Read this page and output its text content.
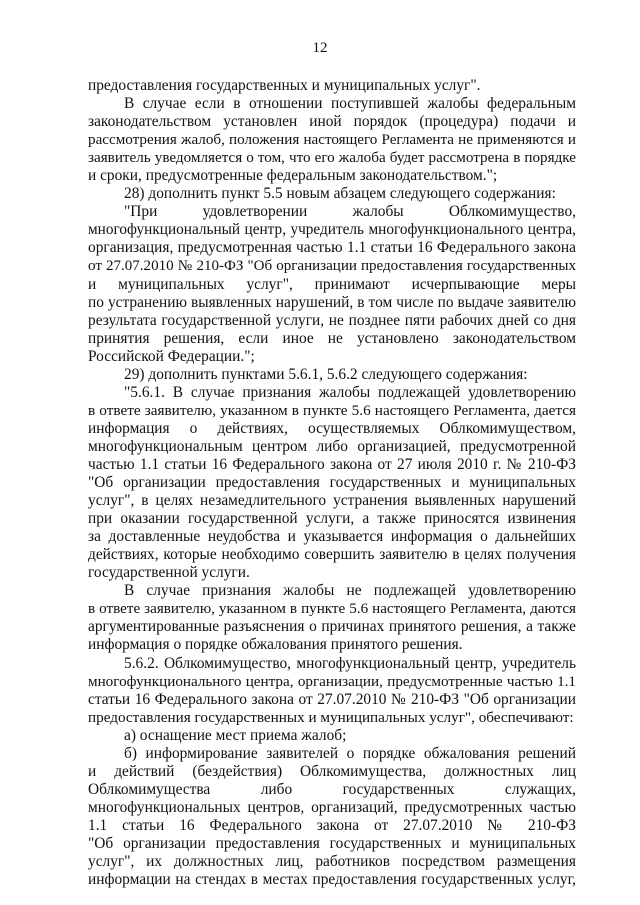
12
предоставления государственных и муниципальных услуг".
В случае если в отношении поступившей жалобы федеральным
законодательством установлен иной порядок (процедура) подачи и
рассмотрения жалоб, положения настоящего Регламента не применяются и
заявитель уведомляется о том, что его жалоба будет рассмотрена в порядке
и сроки, предусмотренные федеральным законодательством.";
28) дополнить пункт 5.5 новым абзацем следующего содержания:
"При удовлетворении жалобы Облкомимущество,
многофункциональный центр, учредитель многофункционального центра,
организация, предусмотренная частью 1.1 статьи 16 Федерального закона
от 27.07.2010 № 210-ФЗ "Об организации предоставления государственных
и муниципальных услуг", принимают исчерпывающие меры
по устранению выявленных нарушений, в том числе по выдаче заявителю
результата государственной услуги, не позднее пяти рабочих дней со дня
принятия решения, если иное не установлено законодательством
Российской Федерации.";
29) дополнить пунктами 5.6.1, 5.6.2 следующего содержания:
"5.6.1. В случае признания жалобы подлежащей удовлетворению
в ответе заявителю, указанном в пункте 5.6 настоящего Регламента, дается
информация о действиях, осуществляемых Облкомимуществом,
многофункциональным центром либо организацией, предусмотренной
частью 1.1 статьи 16 Федерального закона от 27 июля 2010 г. № 210-ФЗ
"Об организации предоставления государственных и муниципальных
услуг", в целях незамедлительного устранения выявленных нарушений
при оказании государственной услуги, а также приносятся извинения
за доставленные неудобства и указывается информация о дальнейших
действиях, которые необходимо совершить заявителю в целях получения
государственной услуги.
В случае признания жалобы не подлежащей удовлетворению
в ответе заявителю, указанном в пункте 5.6 настоящего Регламента, даются
аргументированные разъяснения о причинах принятого решения, а также
информация о порядке обжалования принятого решения.
5.6.2. Облкомимущество, многофункциональный центр, учредитель
многофункционального центра, организации, предусмотренные частью 1.1
статьи 16 Федерального закона от 27.07.2010 № 210-ФЗ "Об организации
предоставления государственных и муниципальных услуг", обеспечивают:
а) оснащение мест приема жалоб;
б) информирование заявителей о порядке обжалования решений
и действий (бездействия) Облкомимущества, должностных лиц
Облкомимущества либо государственных служащих,
многофункциональных центров, организаций, предусмотренных частью
1.1 статьи 16 Федерального закона от 27.07.2010 № 210-ФЗ
"Об организации предоставления государственных и муниципальных
услуг", их должностных лиц, работников посредством размещения
информации на стендах в местах предоставления государственных услуг,
